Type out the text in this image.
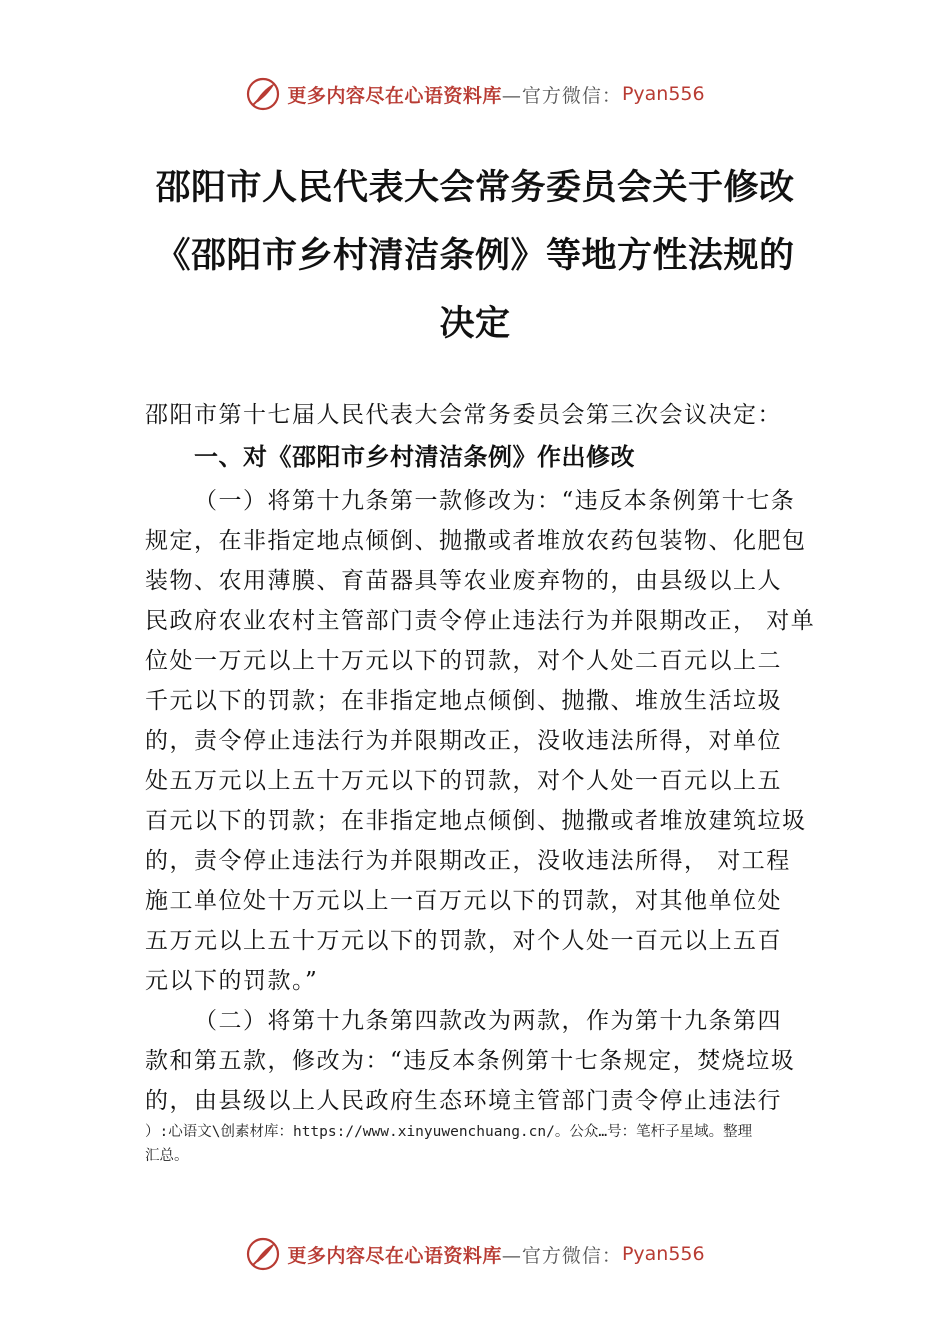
更多内容尽在心语资料库 —官方微信： Pyan556
邵阳市人民代表大会常务委员会关于修改
《邵阳市乡村清洁条例》等地方性法规的
决定
邵阳市第十七届人民代表大会常务委员会第三次会议决定：
一、对《邵阳市乡村清洁条例》作出修改
（一）将第十九条第一款修改为：“违反本条例第十七条
规定，在非指定地点倾倒、抛撒或者堆放农药包装物、化肥包
装物、农用薄膜、育苗器具等农业废弃物的，由县级以上人
民政府农业农村主管部门责令停止违法行为并限期改正， 对单
位处一万元以上十万元以下的罚款，对个人处二百元以上二
千元以下的罚款；在非指定地点倾倒、抛撒、堆放生活垃圾
的，责令停止违法行为并限期改正，没收违法所得，对单位
处五万元以上五十万元以下的罚款，对个人处一百元以上五
百元以下的罚款；在非指定地点倾倒、抛撒或者堆放建筑垃圾
的，责令停止违法行为并限期改正，没收违法所得， 对工程
施工单位处十万元以上一百万元以下的罚款，对其他单位处
五万元以上五十万元以下的罚款，对个人处一百元以上五百
元以下的罚款。”
（二）将第十九条第四款改为两款，作为第十九条第四
款和第五款，修改为：“违反本条例第十七条规定，焚烧垃圾
的，由县级以上人民政府生态环境主管部门责令停止违法行
）:心语文\创素材库：https://www.xinyuwenchuang.cn/。公众…号：笔杆子星域。整理
汇总。
更多内容尽在心语资料库 —官方微信： Pyan556
